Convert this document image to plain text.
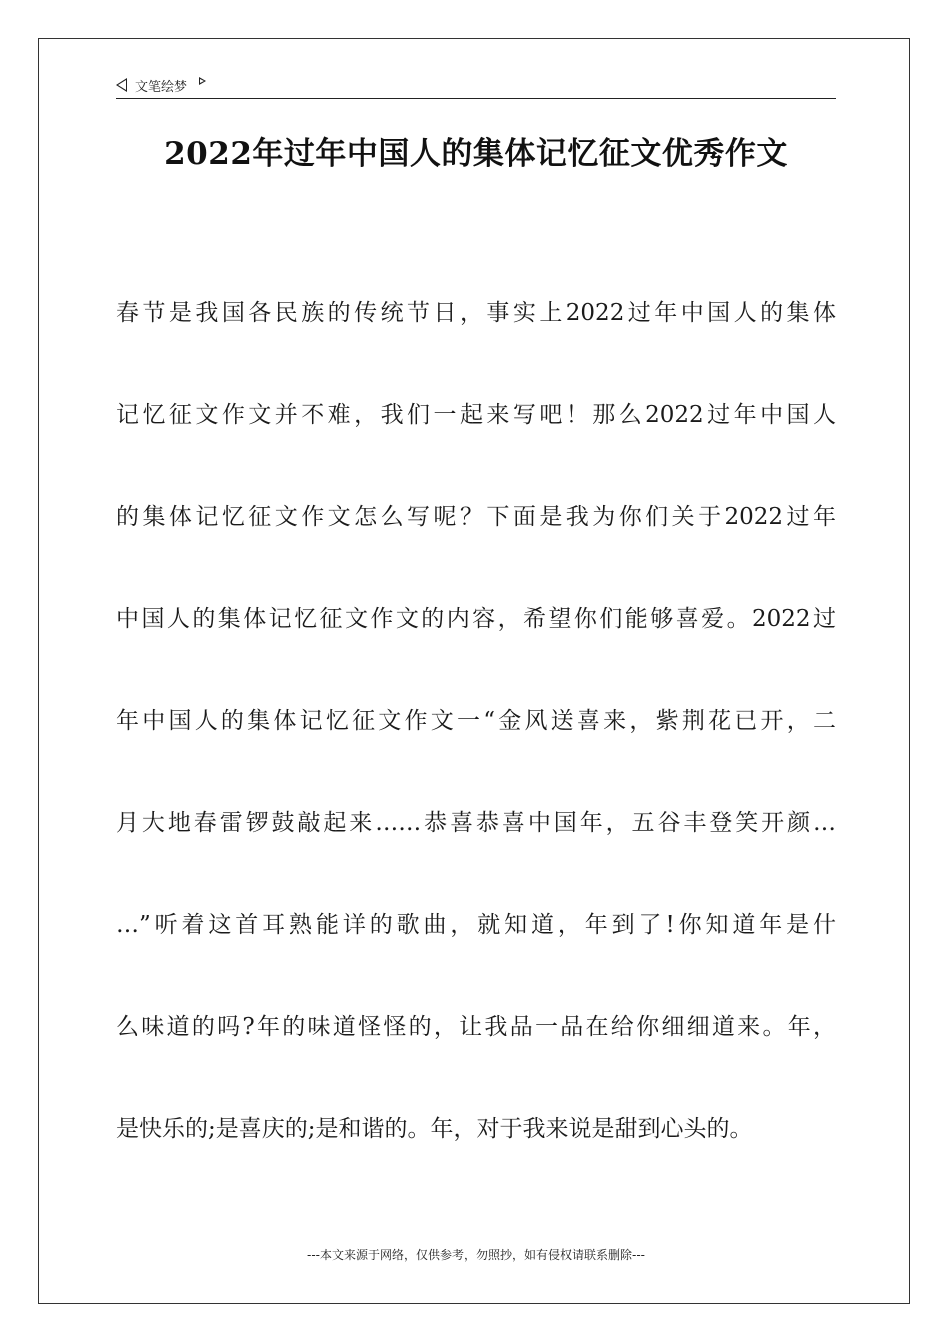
文笔绘梦
2022年过年中国人的集体记忆征文优秀作文
春节是我国各民族的传统节日，事实上2022过年中国人的集体
记忆征文作文并不难，我们一起来写吧！那么2022过年中国人
的集体记忆征文作文怎么写呢？下面是我为你们关于2022过年
中国人的集体记忆征文作文的内容，希望你们能够喜爱。2022过
年中国人的集体记忆征文作文一“金风送喜来，紫荆花已开，二
月大地春雷锣鼓敲起来……恭喜恭喜中国年，五谷丰登笑开颜…
…”听着这首耳熟能详的歌曲，就知道，年到了!你知道年是什
么味道的吗?年的味道怪怪的，让我品一品在给你细细道来。年，
是快乐的;是喜庆的;是和谐的。年，对于我来说是甜到心头的。
---本文来源于网络，仅供参考，勿照抄，如有侵权请联系删除---
